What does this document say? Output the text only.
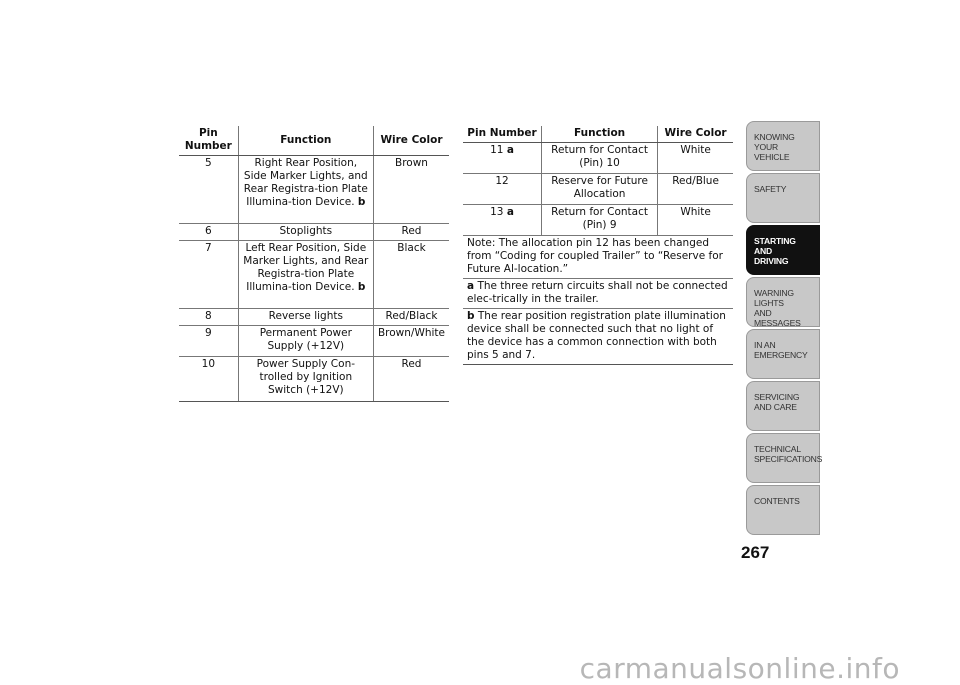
Pin Number	Function	Wire Color
5	Right Rear Position, Side Marker Lights, and Rear Registra-tion Plate Illumina-tion Device. b	Brown
6	Stoplights	Red
7	Left Rear Position, Side Marker Lights, and Rear Registra-tion Plate Illumina-tion Device. b	Black
8	Reverse lights	Red/Black
9	Permanent Power Supply (+12V)	Brown/White
10	Power Supply Con-trolled by Ignition Switch (+12V)	Red
Pin Number	Function	Wire Color
11 a	Return for Contact (Pin) 10	White
12	Reserve for Future Allocation	Red/Blue
13 a	Return for Contact (Pin) 9	White
Note: The allocation pin 12 has been changed from “Coding for coupled Trailer” to “Reserve for Future Al-location.”		
a The three return circuits shall not be connected elec-trically in the trailer.		
b The rear position registration plate illumination device shall be connected such that no light of the device has a common connection with both pins 5 and 7.		
KNOWING
YOUR
VEHICLE
SAFETY
STARTING
AND
DRIVING
WARNING
LIGHTS
AND
MESSAGES
IN AN
EMERGENCY
SERVICING
AND CARE
TECHNICAL
SPECIFICATIONS
CONTENTS
267
carmanualsonline.info
